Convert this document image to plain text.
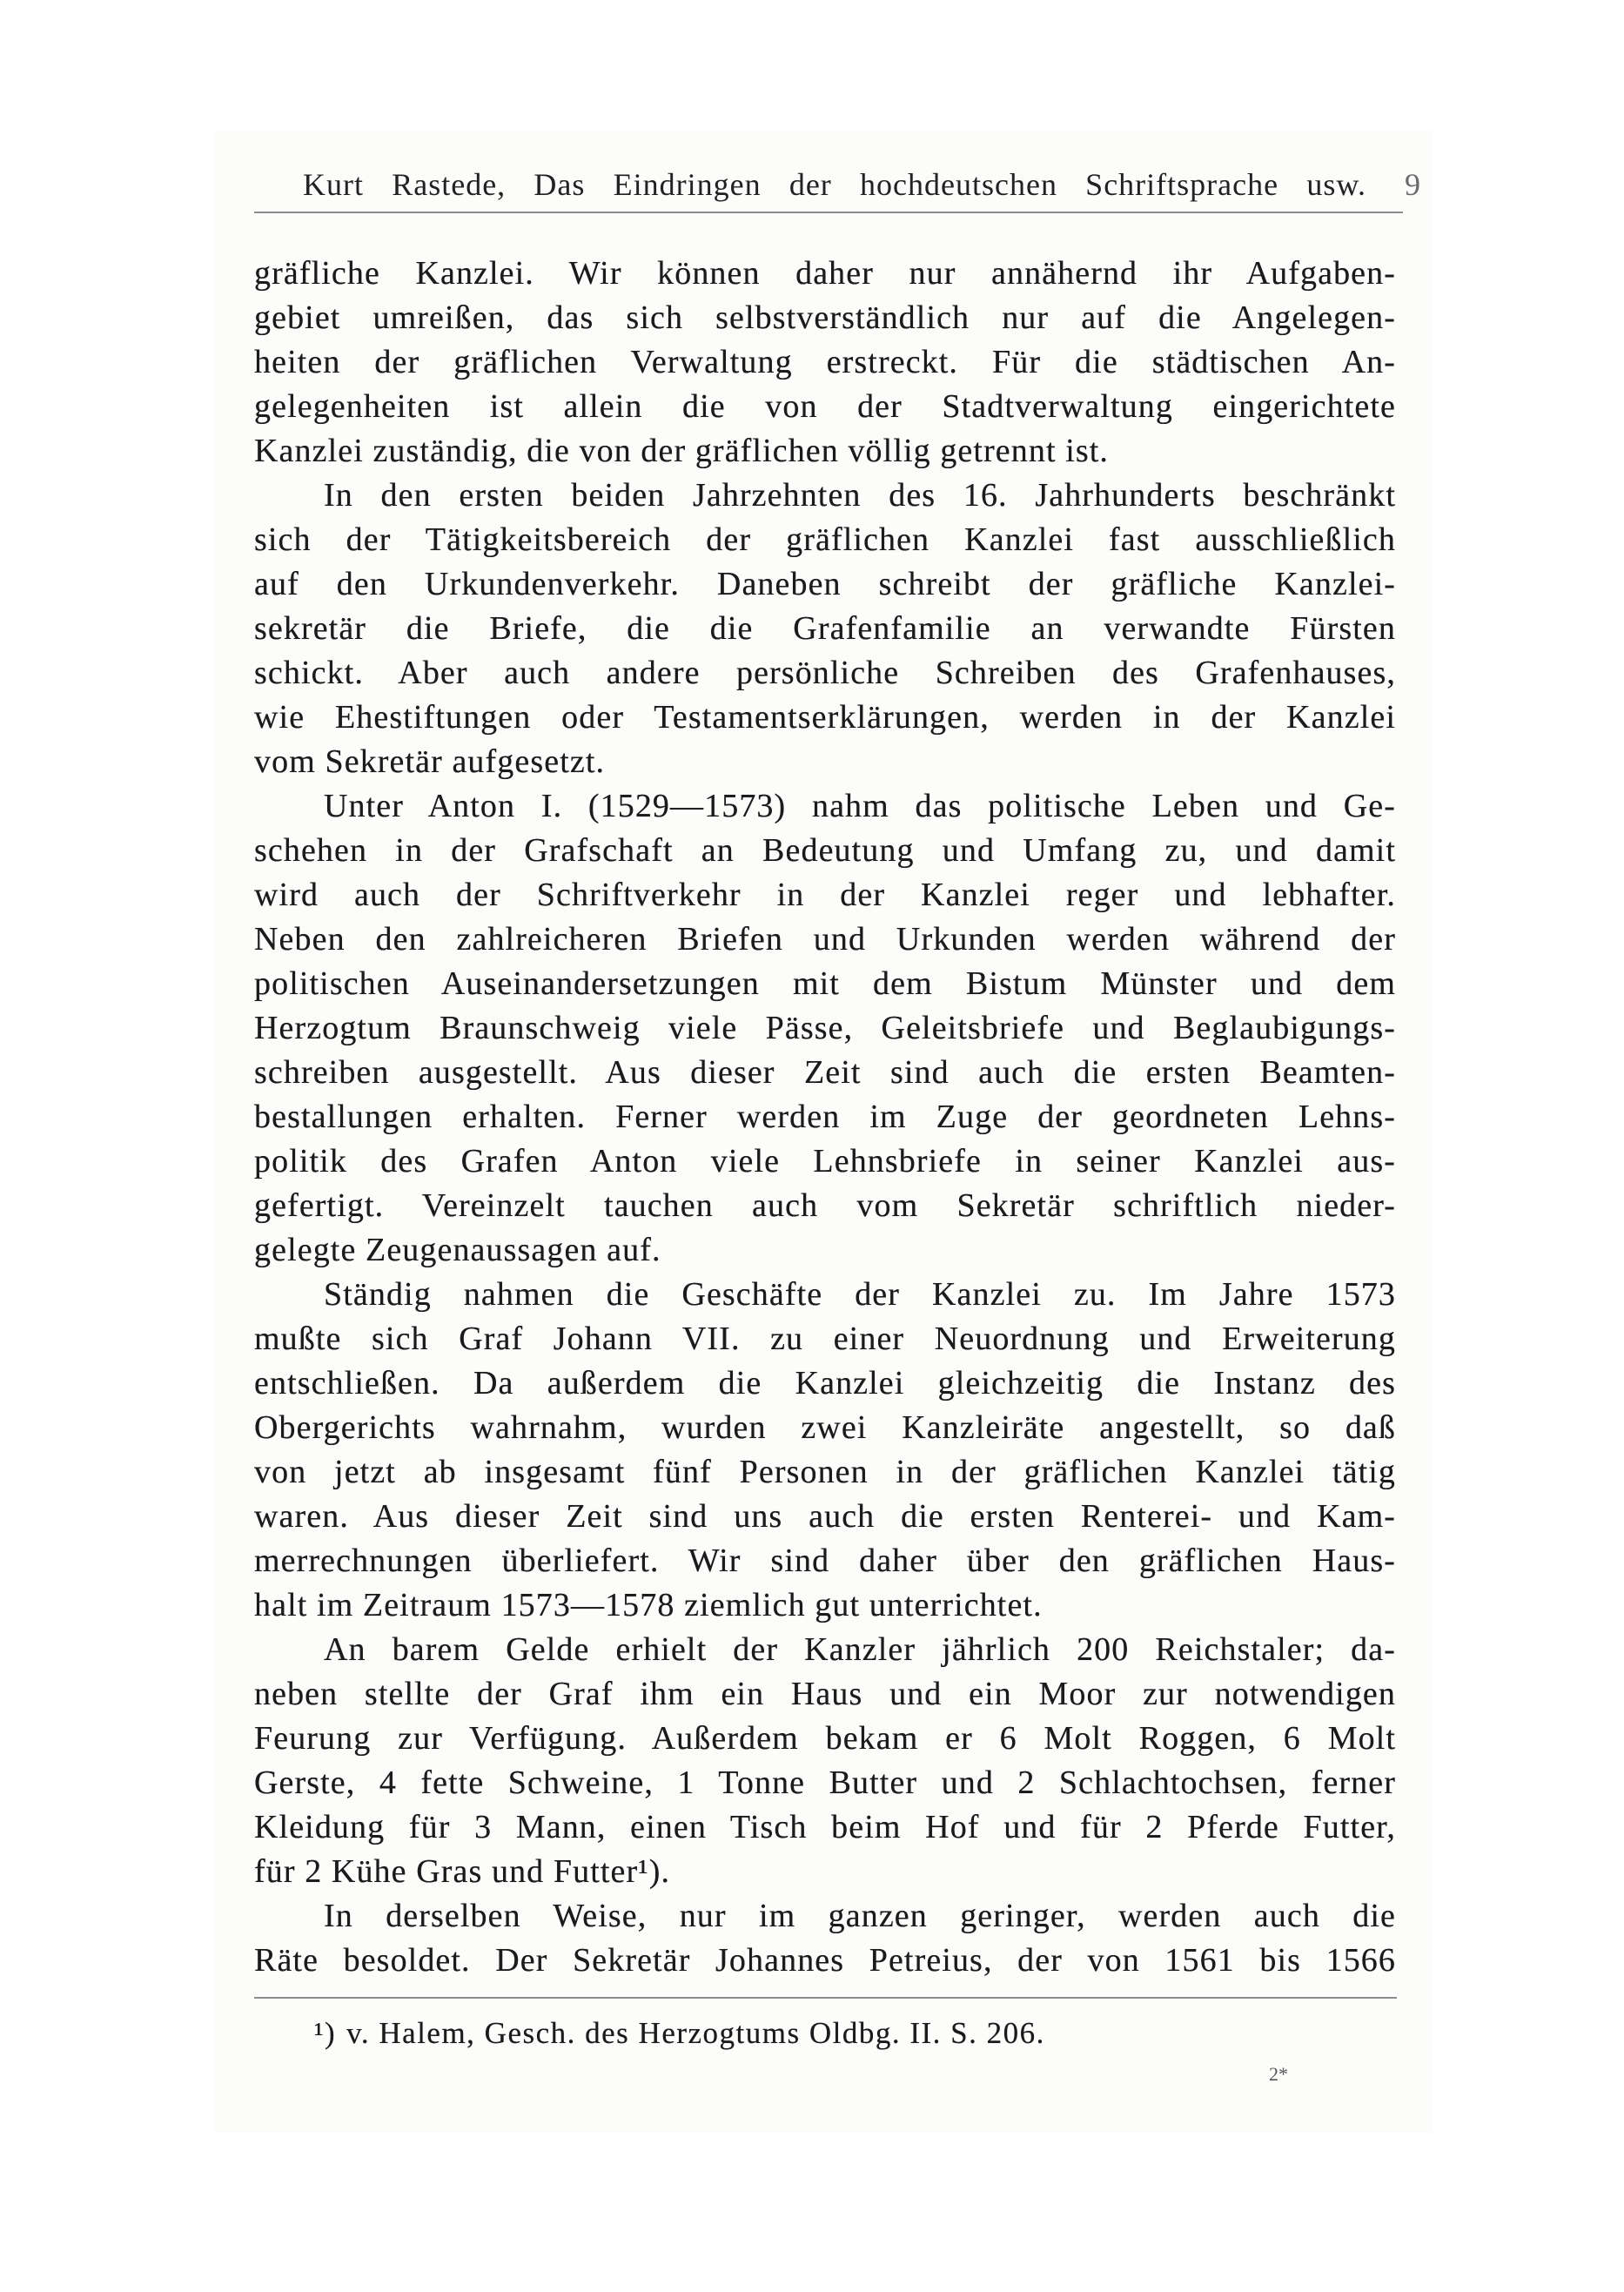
Kurt Rastede, Das Eindringen der hochdeutschen Schriftsprache usw. 9
gräfliche Kanzlei. Wir können daher nur annähernd ihr Aufgaben-
gebiet umreißen, das sich selbstverständlich nur auf die Angelegen-
heiten der gräflichen Verwaltung erstreckt. Für die städtischen An-
gelegenheiten ist allein die von der Stadtverwaltung eingerichtete
Kanzlei zuständig, die von der gräflichen völlig getrennt ist.
In den ersten beiden Jahrzehnten des 16. Jahrhunderts beschränkt
sich der Tätigkeitsbereich der gräflichen Kanzlei fast ausschließlich
auf den Urkundenverkehr. Daneben schreibt der gräfliche Kanzlei-
sekretär die Briefe, die die Grafenfamilie an verwandte Fürsten
schickt. Aber auch andere persönliche Schreiben des Grafenhauses,
wie Ehestiftungen oder Testamentserklärungen, werden in der Kanzlei
vom Sekretär aufgesetzt.
Unter Anton I. (1529—1573) nahm das politische Leben und Ge-
schehen in der Grafschaft an Bedeutung und Umfang zu, und damit
wird auch der Schriftverkehr in der Kanzlei reger und lebhafter.
Neben den zahlreicheren Briefen und Urkunden werden während der
politischen Auseinandersetzungen mit dem Bistum Münster und dem
Herzogtum Braunschweig viele Pässe, Geleitsbriefe und Beglaubigungs-
schreiben ausgestellt. Aus dieser Zeit sind auch die ersten Beamten-
bestallungen erhalten. Ferner werden im Zuge der geordneten Lehns-
politik des Grafen Anton viele Lehnsbriefe in seiner Kanzlei aus-
gefertigt. Vereinzelt tauchen auch vom Sekretär schriftlich nieder-
gelegte Zeugenaussagen auf.
Ständig nahmen die Geschäfte der Kanzlei zu. Im Jahre 1573
mußte sich Graf Johann VII. zu einer Neuordnung und Erweiterung
entschließen. Da außerdem die Kanzlei gleichzeitig die Instanz des
Obergerichts wahrnahm, wurden zwei Kanzleiräte angestellt, so daß
von jetzt ab insgesamt fünf Personen in der gräflichen Kanzlei tätig
waren. Aus dieser Zeit sind uns auch die ersten Renterei- und Kam-
merrechnungen überliefert. Wir sind daher über den gräflichen Haus-
halt im Zeitraum 1573—1578 ziemlich gut unterrichtet.
An barem Gelde erhielt der Kanzler jährlich 200 Reichstaler; da-
neben stellte der Graf ihm ein Haus und ein Moor zur notwendigen
Feurung zur Verfügung. Außerdem bekam er 6 Molt Roggen, 6 Molt
Gerste, 4 fette Schweine, 1 Tonne Butter und 2 Schlachtochsen, ferner
Kleidung für 3 Mann, einen Tisch beim Hof und für 2 Pferde Futter,
für 2 Kühe Gras und Futter¹).
In derselben Weise, nur im ganzen geringer, werden auch die
Räte besoldet. Der Sekretär Johannes Petreius, der von 1561 bis 1566
¹) v. Halem, Gesch. des Herzogtums Oldbg. II. S. 206.
2*
